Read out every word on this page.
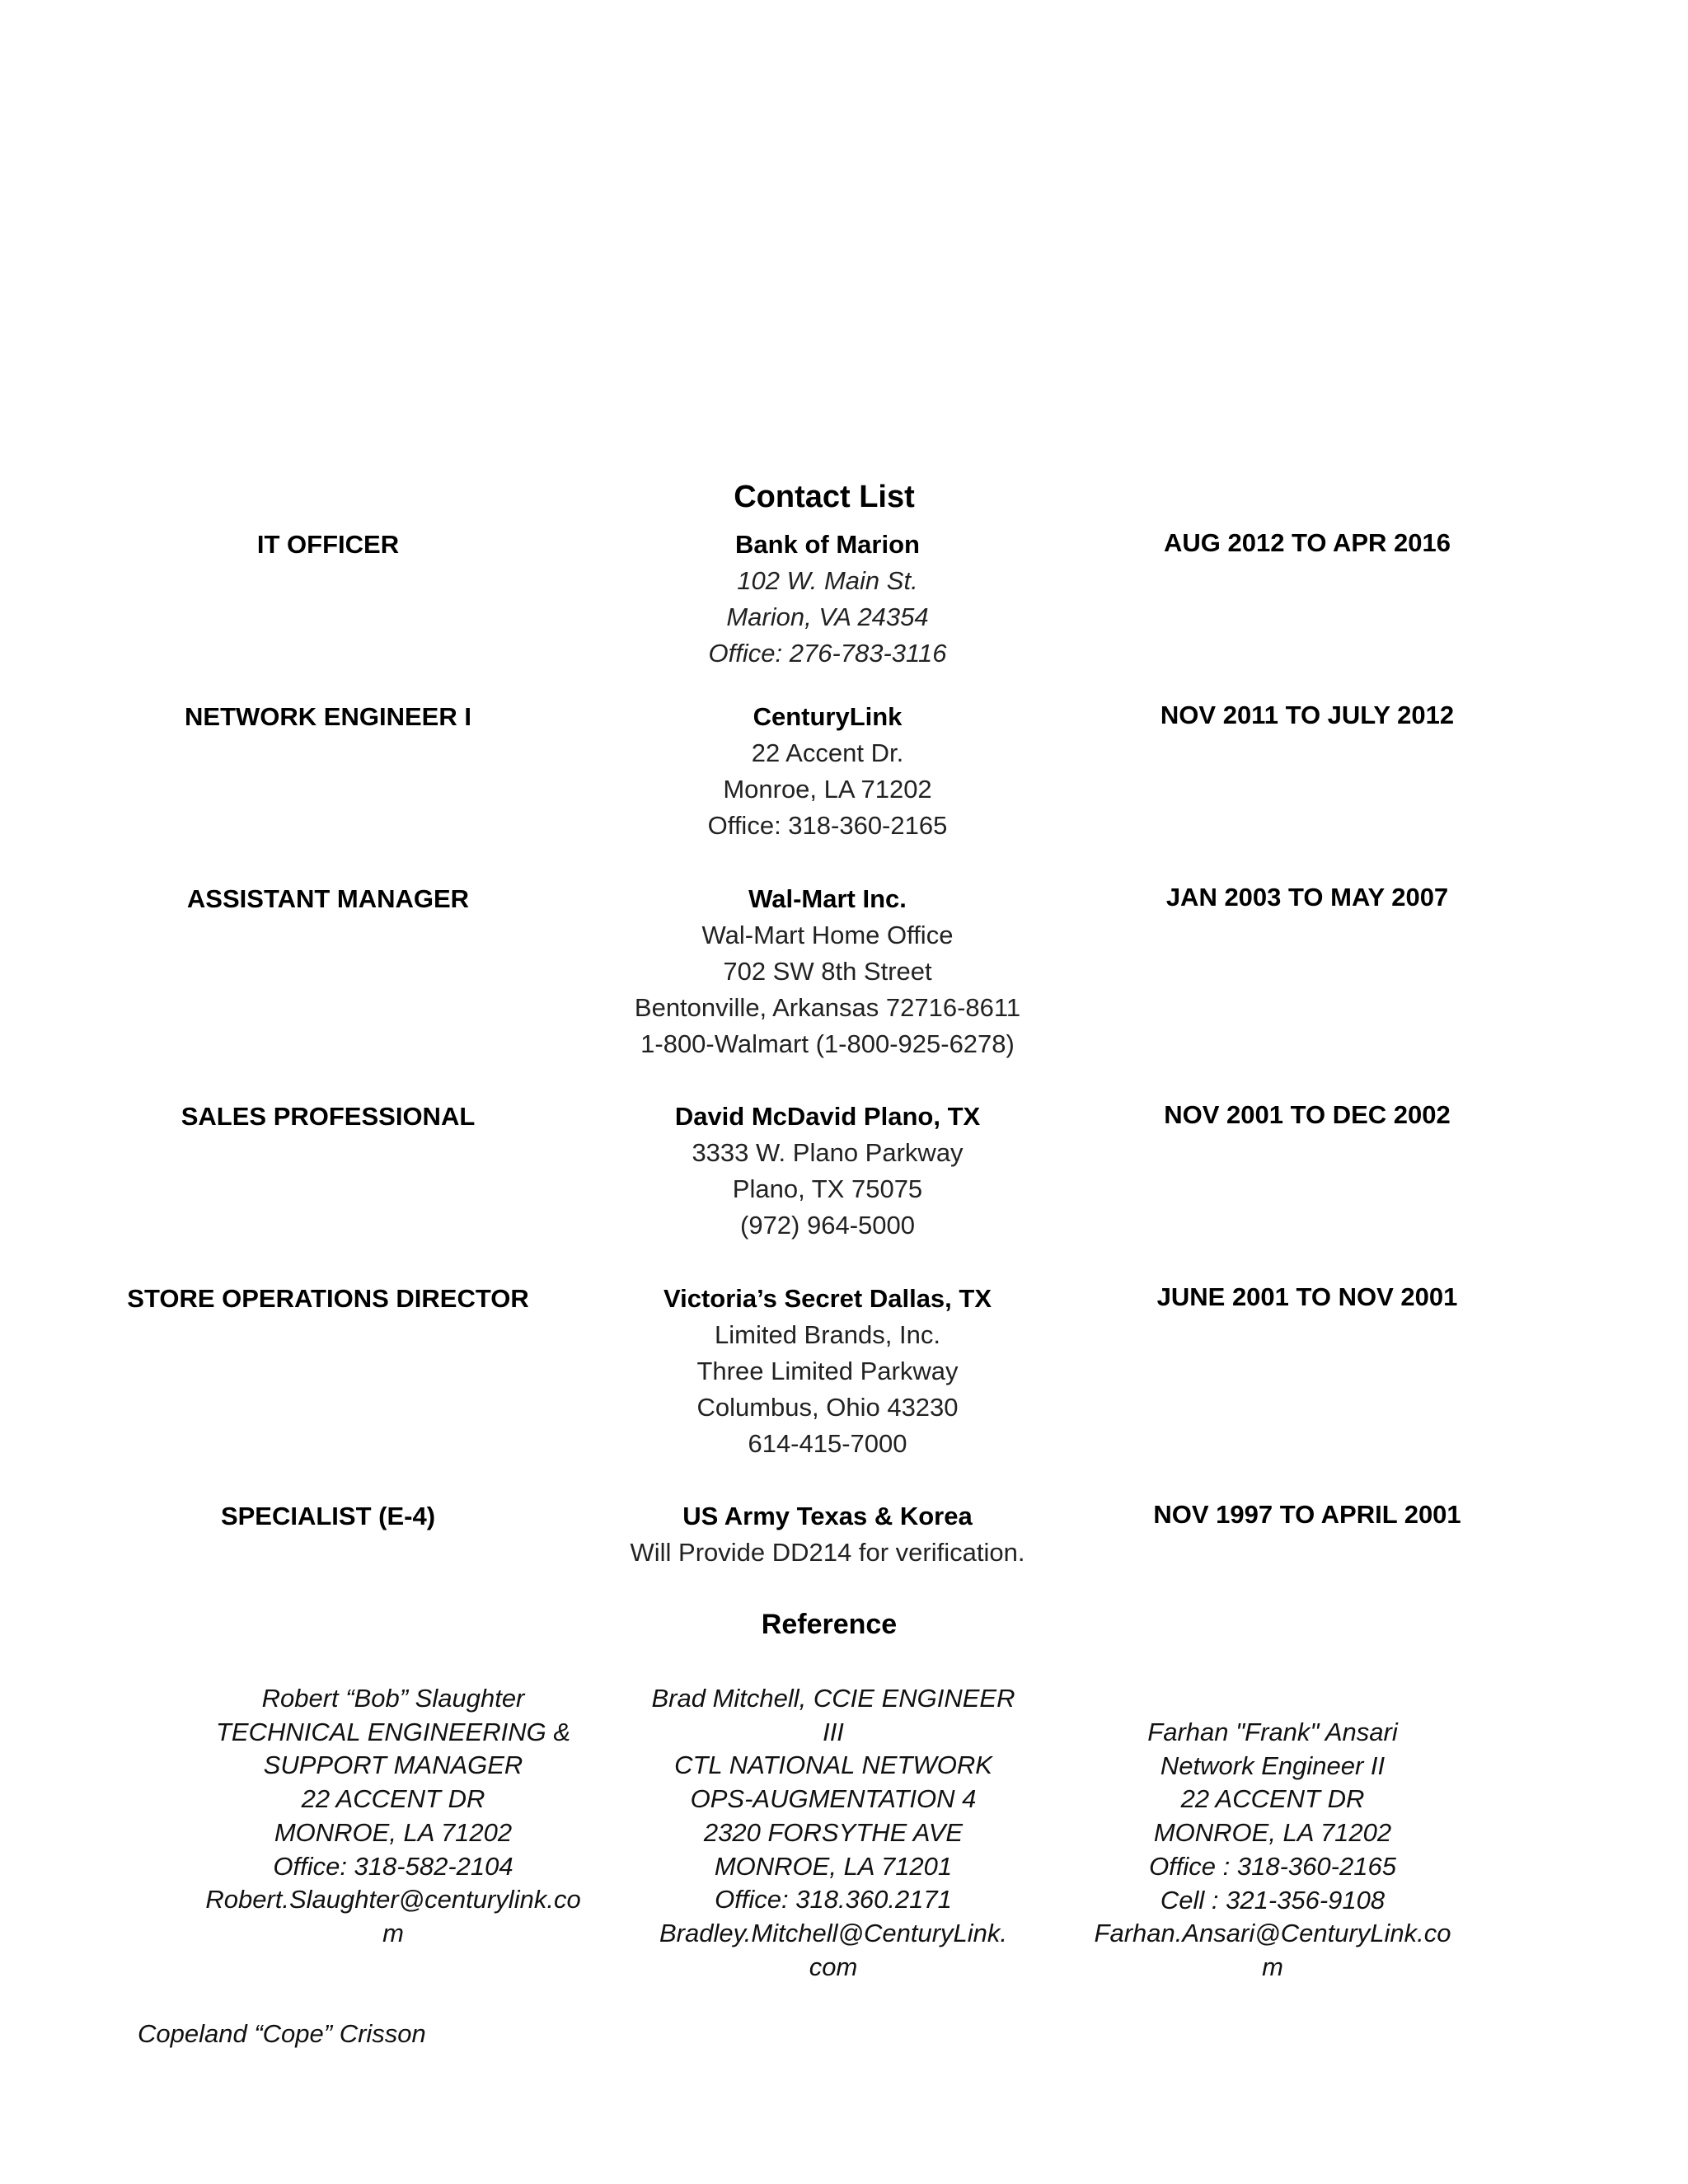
Contact List
IT OFFICER	Bank of Marion
102 W. Main St.
Marion, VA 24354
Office: 276-783-3116
AUG 2012 TO APR 2016
NETWORK ENGINEER I	CenturyLink
22 Accent Dr.
Monroe, LA 71202
Office: 318-360-2165
NOV 2011 TO JULY 2012
ASSISTANT MANAGER	Wal-Mart Inc.
Wal-Mart Home Office
702 SW 8th Street
Bentonville, Arkansas 72716-8611
1-800-Walmart (1-800-925-6278)
JAN 2003 TO MAY 2007
SALES PROFESSIONAL	David McDavid Plano, TX
3333 W. Plano Parkway
Plano, TX 75075
(972) 964-5000
NOV 2001 TO DEC 2002
STORE OPERATIONS DIRECTOR	Victoria’s Secret Dallas, TX
Limited Brands, Inc.
Three Limited Parkway
Columbus, Ohio 43230
614-415-7000
JUNE 2001 TO NOV 2001
SPECIALIST (E-4)	US Army Texas & Korea
Will Provide DD214 for verification.
NOV 1997 TO APRIL 2001
Reference
Robert “Bob” Slaughter
TECHNICAL ENGINEERING &
SUPPORT MANAGER
22 ACCENT DR
MONROE, LA 71202
Office: 318-582-2104
Robert.Slaughter@centurylink.co
m
Brad Mitchell, CCIE ENGINEER
III
CTL NATIONAL NETWORK
OPS-AUGMENTATION 4
2320 FORSYTHE AVE
MONROE, LA 71201
Office: 318.360.2171
Bradley.Mitchell@CenturyLink.
com
Farhan "Frank" Ansari
Network Engineer II
22 ACCENT DR
MONROE, LA 71202
Office : 318-360-2165
Cell : 321-356-9108
Farhan.Ansari@CenturyLink.co
m
Copeland “Cope” Crisson
